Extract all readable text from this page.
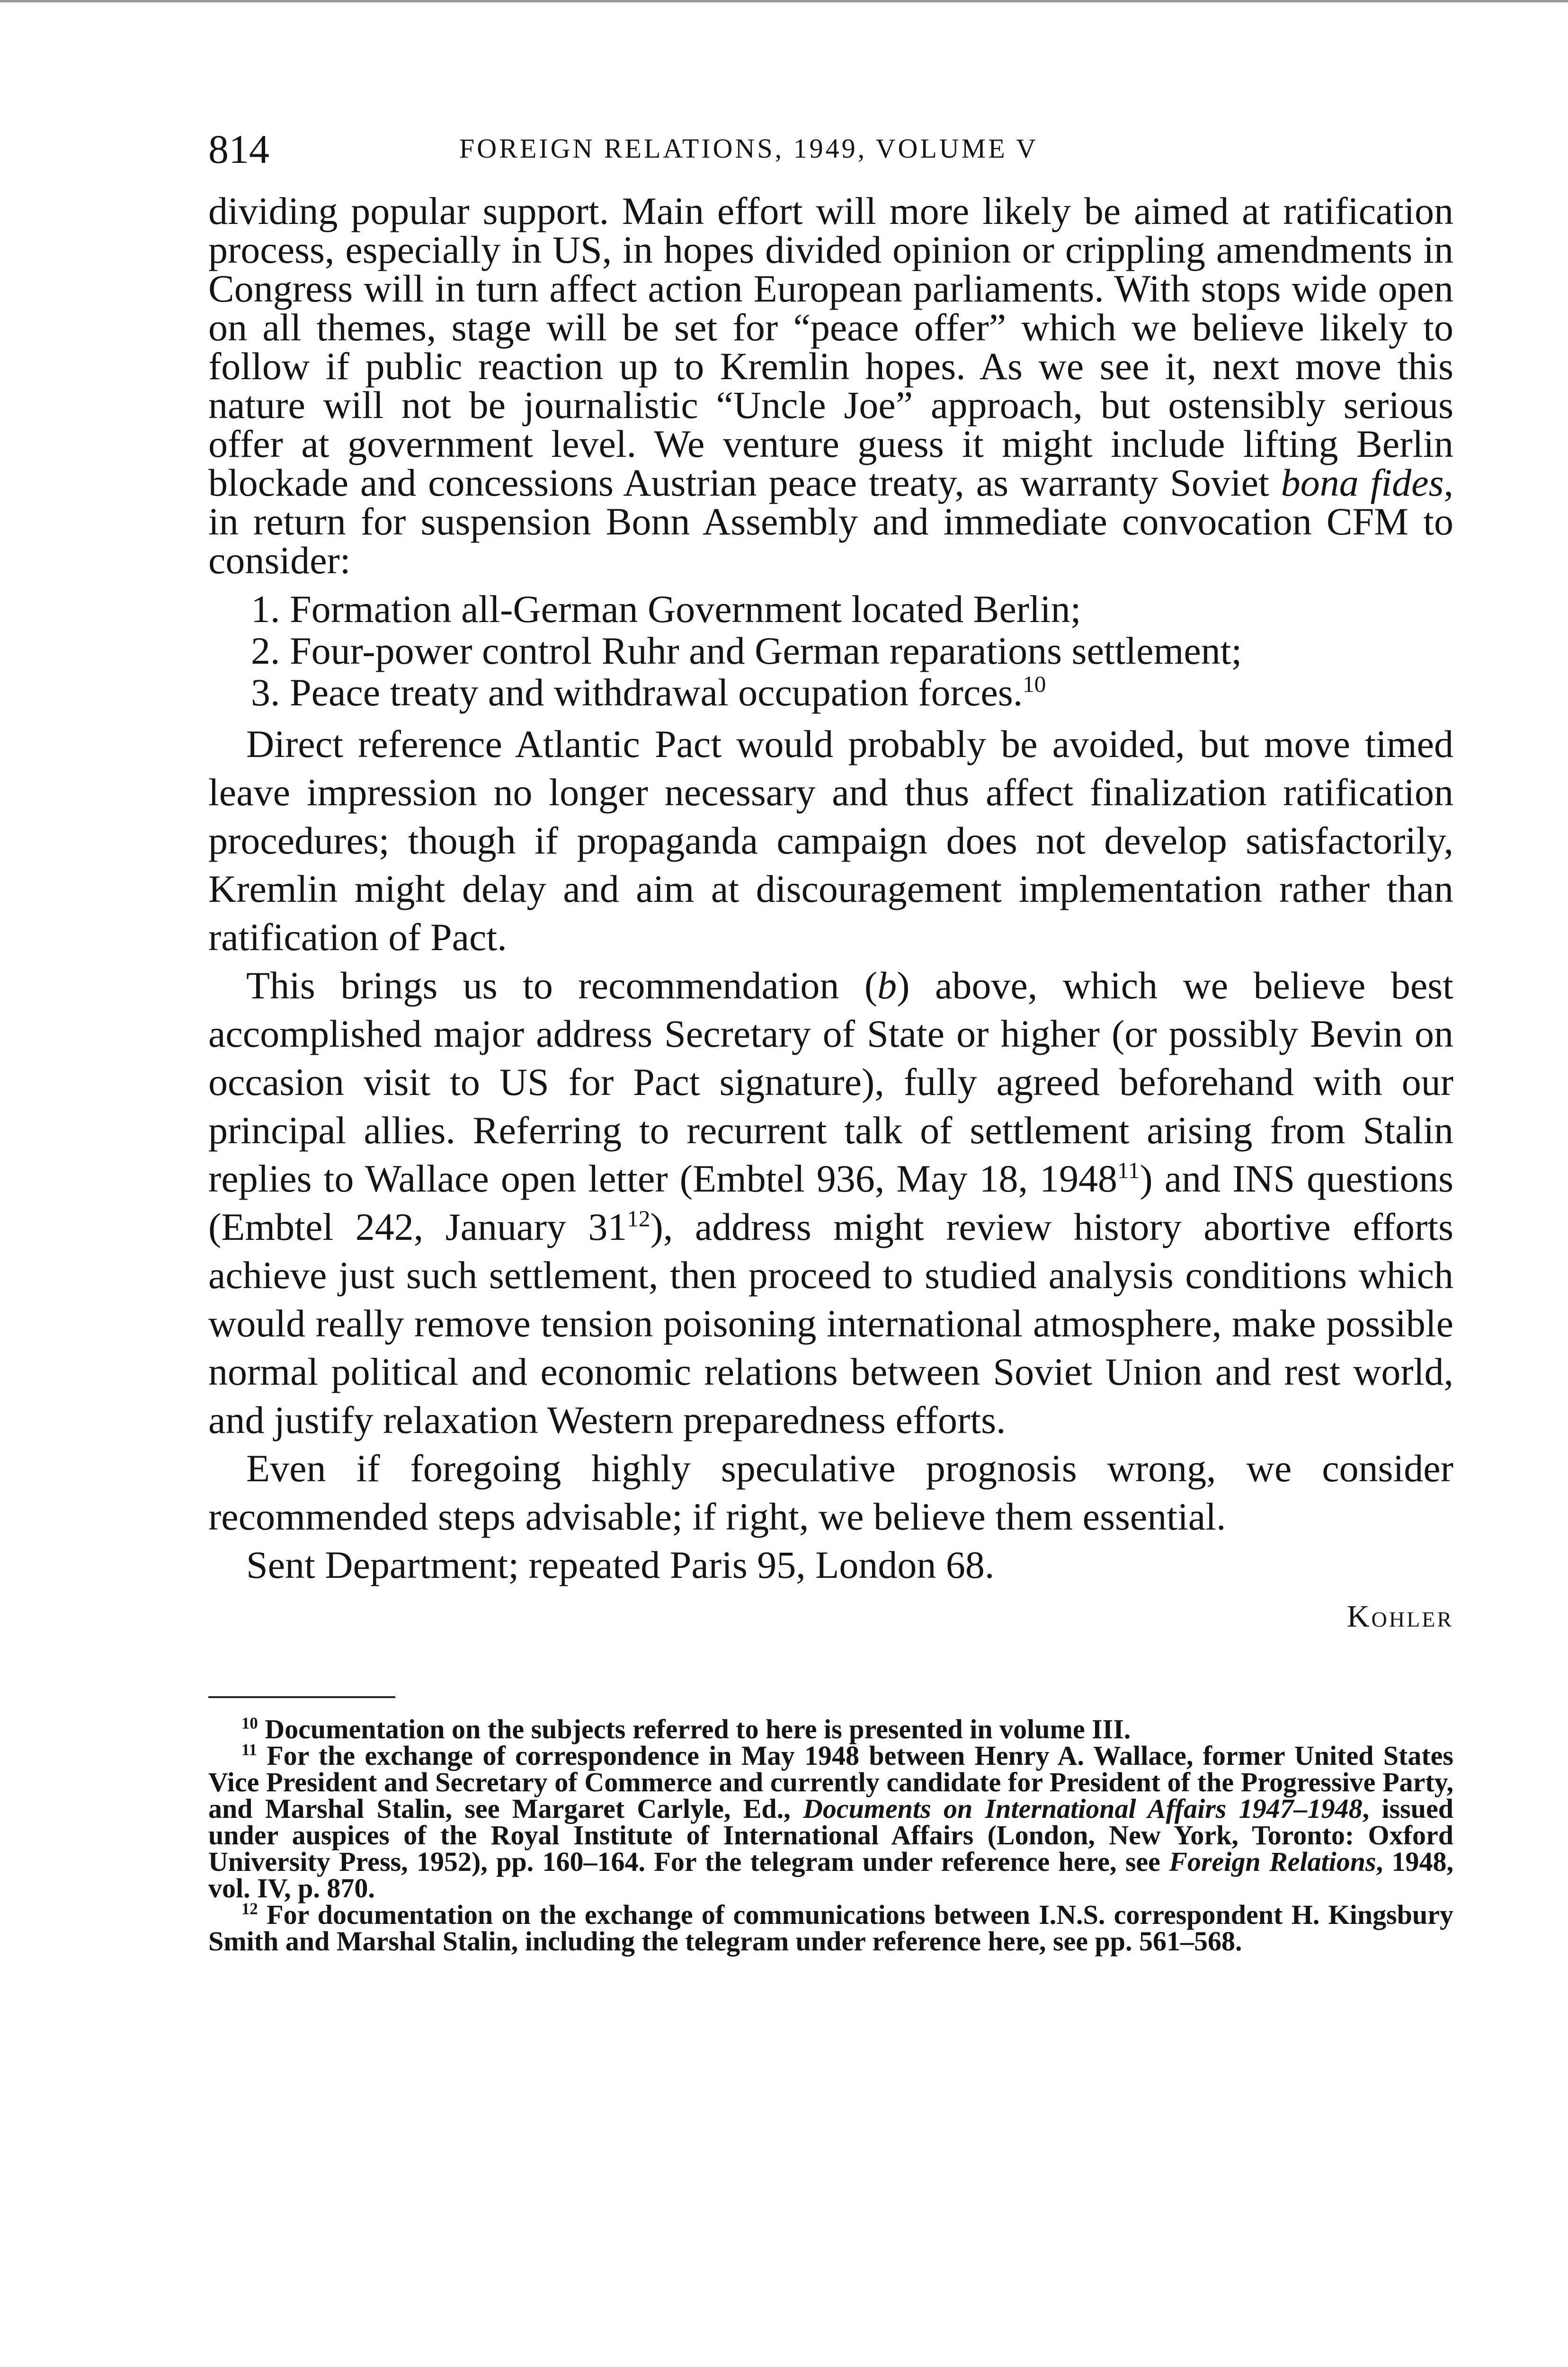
814	FOREIGN RELATIONS, 1949, VOLUME V

dividing popular support. Main effort will more likely be aimed at ratification process, especially in US, in hopes divided opinion or crippling amendments in Congress will in turn affect action European parliaments. With stops wide open on all themes, stage will be set for “peace offer” which we believe likely to follow if public reaction up to Kremlin hopes. As we see it, next move this nature will not be journalistic “Uncle Joe” approach, but ostensibly serious offer at government level. We venture guess it might include lifting Berlin blockade and concessions Austrian peace treaty, as warranty Soviet bona fides, in return for suspension Bonn Assembly and immediate convocation CFM to consider:

1. Formation all-German Government located Berlin;
2. Four-power control Ruhr and German reparations settlement;
3. Peace treaty and withdrawal occupation forces.$^{10}$

Direct reference Atlantic Pact would probably be avoided, but move timed leave impression no longer necessary and thus affect finalization ratification procedures; though if propaganda campaign does not develop satisfactorily, Kremlin might delay and aim at discouragement implementation rather than ratification of Pact.

This brings us to recommendation (b) above, which we believe best accomplished major address Secretary of State or higher (or possibly Bevin on occasion visit to US for Pact signature), fully agreed beforehand with our principal allies. Referring to recurrent talk of settlement arising from Stalin replies to Wallace open letter (Embtel 936, May 18, 1948$^{11}$) and INS questions (Embtel 242, January $31^{12}$), address might review history abortive efforts achieve just such settlement, then proceed to studied analysis conditions which would really remove tension poisoning international atmosphere, make possible normal political and economic relations between Soviet Union and rest world, and justify relaxation Western preparedness efforts.

Even if foregoing highly speculative prognosis wrong, we consider recommended steps advisable; if right, we believe them essential.

Sent Department; repeated Paris 95, London 68.

Kohler

$^{10}$ Documentation on the subjects referred to here is presented in volume III.

$^{11}$ For the exchange of correspondence in May 1948 between Henry A. Wallace, former United States Vice President and Secretary of Commerce and currently candidate for President of the Progressive Party, and Marshal Stalin, see Margaret Carlyle, Ed., Documents on International Affairs 1947–1948, issued under auspices of the Royal Institute of International Affairs (London, New York, Toronto: Oxford University Press, 1952), pp. 160–164. For the telegram under reference here, see Foreign Relations, 1948, vol. IV, p. 870.

$^{12}$ For documentation on the exchange of communications between I.N.S. correspondent H. Kingsbury Smith and Marshal Stalin, including the telegram under reference here, see pp. 561–568.
